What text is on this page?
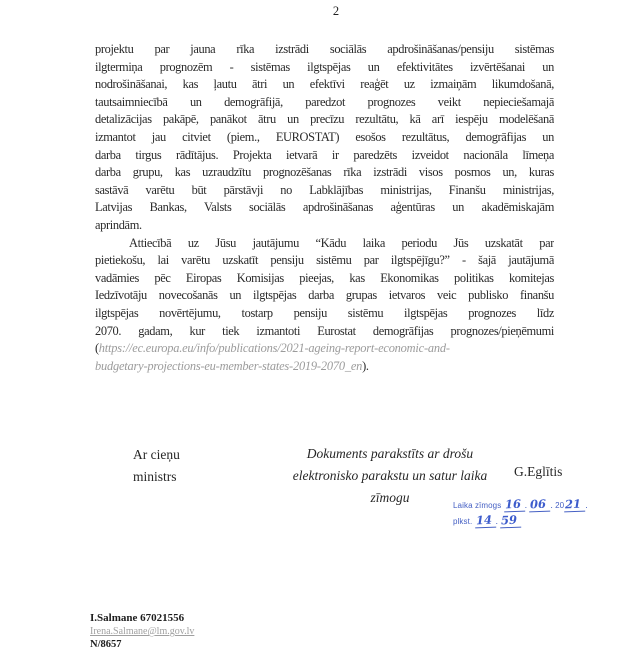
2
projektu par jauna rīka izstrādi sociālās apdrošināšanas/pensiju sistēmas
ilgtermiņa prognozēm - sistēmas ilgtspējas un efektivitātes izvērtēšanai un
nodrošināšanai, kas ļautu ātri un efektīvi reaģēt uz izmaiņām likumdošanā,
tautsaimniecībā un demogrāfijā, paredzot prognozes veikt nepieciešamajā
detalizācijas pakāpē, panākot ātru un precīzu rezultātu, kā arī iespēju modelēšanā
izmantot jau citviet (piem., EUROSTAT) esošos rezultātus, demogrāfijas un
darba tirgus rādītājus. Projekta ietvarā ir paredzēts izveidot nacionāla līmeņa
darba grupu, kas uzraudzītu prognozēšanas rīka izstrādi visos posmos un, kuras
sastāvā varētu būt pārstāvji no Labklājības ministrijas, Finanšu ministrijas,
Latvijas Bankas, Valsts sociālās apdrošināšanas aģentūras un akadēmiskajām
aprindām.
Attiecībā uz Jūsu jautājumu “Kādu laika periodu Jūs uzskatāt par
pietiekošu, lai varētu uzskatīt pensiju sistēmu par ilgtspējīgu?” - šajā jautājumā
vadāmies pēc Eiropas Komisijas pieejas, kas Ekonomikas politikas komitejas
Iedzīvotāju novecošanās un ilgtspējas darba grupas ietvaros veic publisko finanšu
ilgtspējas novērtējumu, tostarp pensiju sistēmu ilgtspējas prognozes līdz
2070. gadam, kur tiek izmantoti Eurostat demogrāfijas prognozes/pieņēmumi
(https://ec.europa.eu/info/publications/2021-ageing-report-economic-and-
budgetary-projections-eu-member-states-2019-2070_en).
Ar cieņu
ministrs
Dokuments parakstīts ar drošu
elektronisko parakstu un satur laika
zīmogu
G.Eglītis
Laika zīmogs 16 . 06 . 2021 .
plkst. 14 . 59
I.Salmane 67021556
Irena.Salmane@lm.gov.lv
N/8657
